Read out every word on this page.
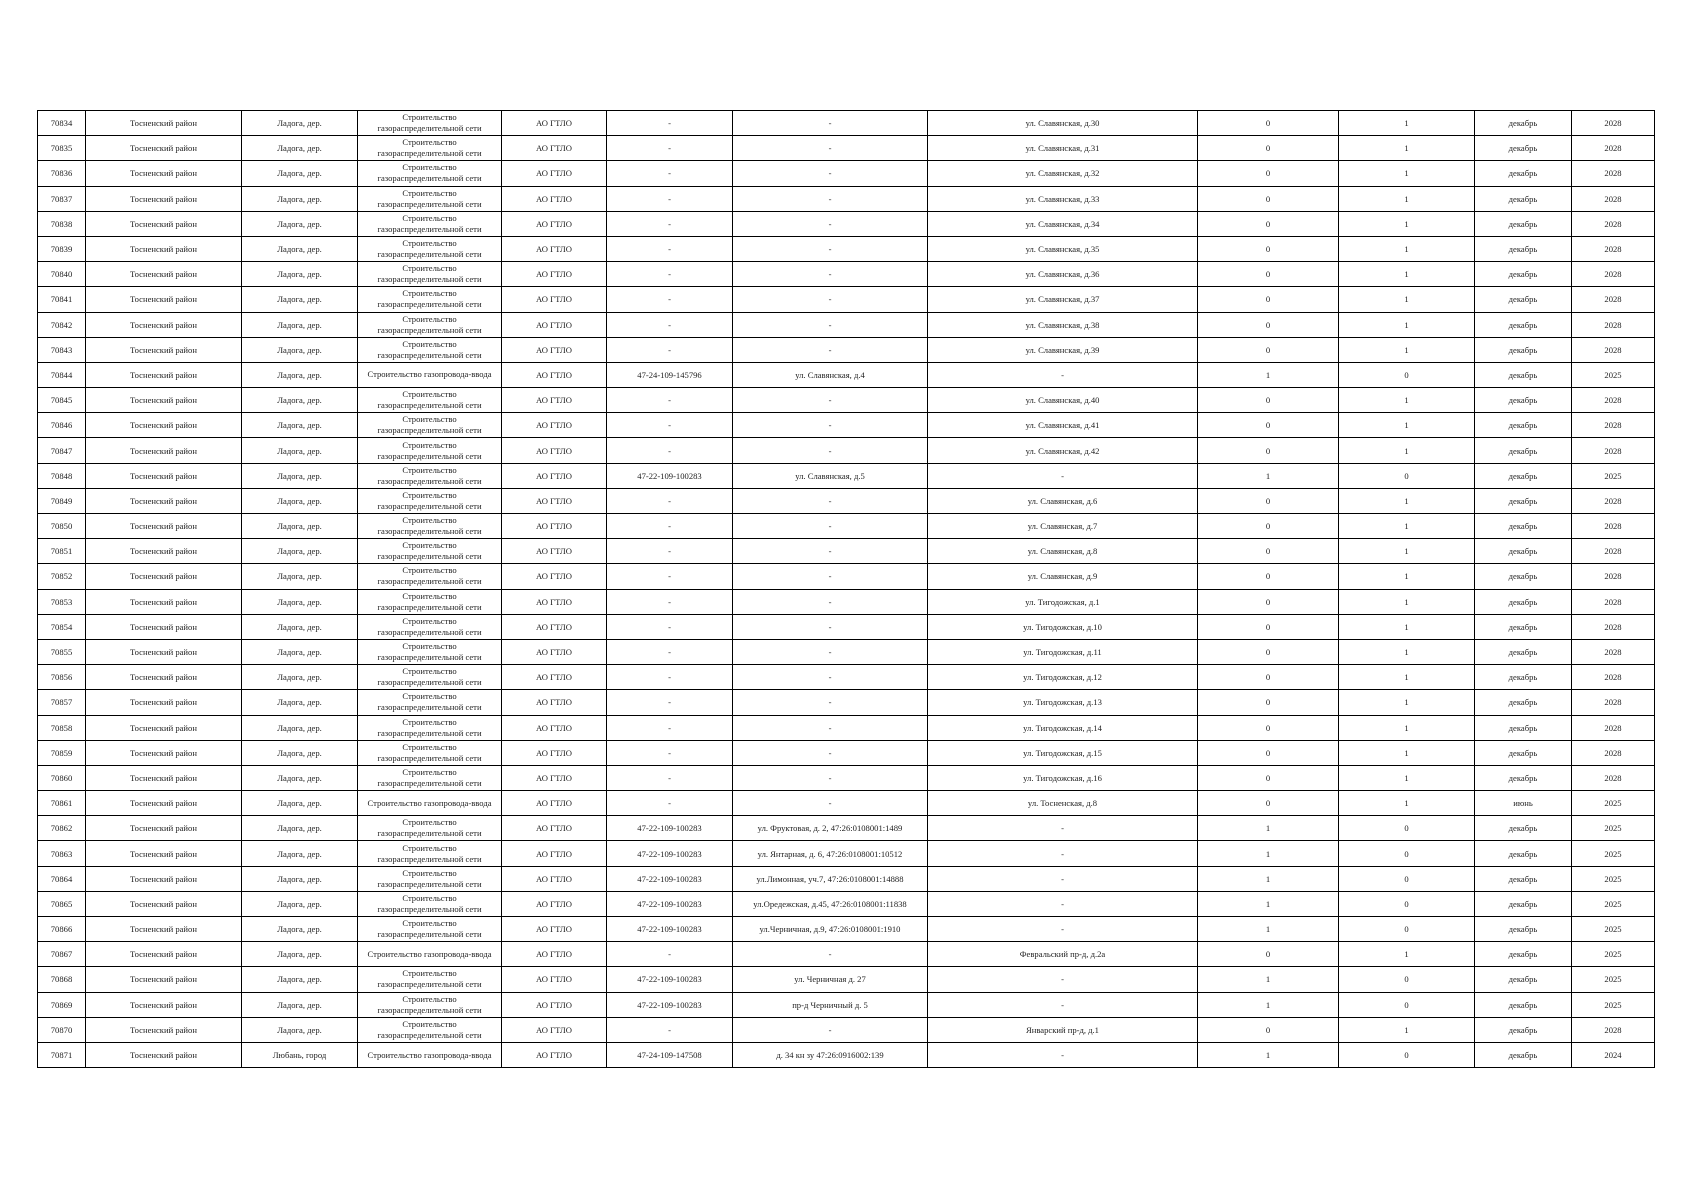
70834	Тосненский район	Ладога, дер.	Строительство газораспределительной сети	АО ГТЛО	-	-	ул. Славянская, д.30	0	1	декабрь	2028
70835	Тосненский район	Ладога, дер.	Строительство газораспределительной сети	АО ГТЛО	-	-	ул. Славянская, д.31	0	1	декабрь	2028
70836	Тосненский район	Ладога, дер.	Строительство газораспределительной сети	АО ГТЛО	-	-	ул. Славянская, д.32	0	1	декабрь	2028
70837	Тосненский район	Ладога, дер.	Строительство газораспределительной сети	АО ГТЛО	-	-	ул. Славянская, д.33	0	1	декабрь	2028
70838	Тосненский район	Ладога, дер.	Строительство газораспределительной сети	АО ГТЛО	-	-	ул. Славянская, д.34	0	1	декабрь	2028
70839	Тосненский район	Ладога, дер.	Строительство газораспределительной сети	АО ГТЛО	-	-	ул. Славянская, д.35	0	1	декабрь	2028
70840	Тосненский район	Ладога, дер.	Строительство газораспределительной сети	АО ГТЛО	-	-	ул. Славянская, д.36	0	1	декабрь	2028
70841	Тосненский район	Ладога, дер.	Строительство газораспределительной сети	АО ГТЛО	-	-	ул. Славянская, д.37	0	1	декабрь	2028
70842	Тосненский район	Ладога, дер.	Строительство газораспределительной сети	АО ГТЛО	-	-	ул. Славянская, д.38	0	1	декабрь	2028
70843	Тосненский район	Ладога, дер.	Строительство газораспределительной сети	АО ГТЛО	-	-	ул. Славянская, д.39	0	1	декабрь	2028
70844	Тосненский район	Ладога, дер.	Строительство газопровода-ввода	АО ГТЛО	47-24-109-145796	ул. Славянская, д.4	-	1	0	декабрь	2025
70845	Тосненский район	Ладога, дер.	Строительство газораспределительной сети	АО ГТЛО	-	-	ул. Славянская, д.40	0	1	декабрь	2028
70846	Тосненский район	Ладога, дер.	Строительство газораспределительной сети	АО ГТЛО	-	-	ул. Славянская, д.41	0	1	декабрь	2028
70847	Тосненский район	Ладога, дер.	Строительство газораспределительной сети	АО ГТЛО	-	-	ул. Славянская, д.42	0	1	декабрь	2028
70848	Тосненский район	Ладога, дер.	Строительство газораспределительной сети	АО ГТЛО	47-22-109-100283	ул. Славянская, д.5	-	1	0	декабрь	2025
70849	Тосненский район	Ладога, дер.	Строительство газораспределительной сети	АО ГТЛО	-	-	ул. Славянская, д.6	0	1	декабрь	2028
70850	Тосненский район	Ладога, дер.	Строительство газораспределительной сети	АО ГТЛО	-	-	ул. Славянская, д.7	0	1	декабрь	2028
70851	Тосненский район	Ладога, дер.	Строительство газораспределительной сети	АО ГТЛО	-	-	ул. Славянская, д.8	0	1	декабрь	2028
70852	Тосненский район	Ладога, дер.	Строительство газораспределительной сети	АО ГТЛО	-	-	ул. Славянская, д.9	0	1	декабрь	2028
70853	Тосненский район	Ладога, дер.	Строительство газораспределительной сети	АО ГТЛО	-	-	ул. Тигодожская, д.1	0	1	декабрь	2028
70854	Тосненский район	Ладога, дер.	Строительство газораспределительной сети	АО ГТЛО	-	-	ул. Тигодожская, д.10	0	1	декабрь	2028
70855	Тосненский район	Ладога, дер.	Строительство газораспределительной сети	АО ГТЛО	-	-	ул. Тигодожская, д.11	0	1	декабрь	2028
70856	Тосненский район	Ладога, дер.	Строительство газораспределительной сети	АО ГТЛО	-	-	ул. Тигодожская, д.12	0	1	декабрь	2028
70857	Тосненский район	Ладога, дер.	Строительство газораспределительной сети	АО ГТЛО	-	-	ул. Тигодожская, д.13	0	1	декабрь	2028
70858	Тосненский район	Ладога, дер.	Строительство газораспределительной сети	АО ГТЛО	-	-	ул. Тигодожская, д.14	0	1	декабрь	2028
70859	Тосненский район	Ладога, дер.	Строительство газораспределительной сети	АО ГТЛО	-	-	ул. Тигодожская, д.15	0	1	декабрь	2028
70860	Тосненский район	Ладога, дер.	Строительство газораспределительной сети	АО ГТЛО	-	-	ул. Тигодожская, д.16	0	1	декабрь	2028
70861	Тосненский район	Ладога, дер.	Строительство газопровода-ввода	АО ГТЛО	-	-	ул. Тосненская, д.8	0	1	июнь	2025
70862	Тосненский район	Ладога, дер.	Строительство газораспределительной сети	АО ГТЛО	47-22-109-100283	ул. Фруктовая, д. 2, 47:26:0108001:1489	-	1	0	декабрь	2025
70863	Тосненский район	Ладога, дер.	Строительство газораспределительной сети	АО ГТЛО	47-22-109-100283	ул. Янтарная, д. 6, 47:26:0108001:10512	-	1	0	декабрь	2025
70864	Тосненский район	Ладога, дер.	Строительство газораспределительной сети	АО ГТЛО	47-22-109-100283	ул.Лимонная, уч.7, 47:26:0108001:14888	-	1	0	декабрь	2025
70865	Тосненский район	Ладога, дер.	Строительство газораспределительной сети	АО ГТЛО	47-22-109-100283	ул.Оредежская, д.45, 47:26:0108001:11838	-	1	0	декабрь	2025
70866	Тосненский район	Ладога, дер.	Строительство газораспределительной сети	АО ГТЛО	47-22-109-100283	ул.Черничная, д.9, 47:26:0108001:1910	-	1	0	декабрь	2025
70867	Тосненский район	Ладога, дер.	Строительство газопровода-ввода	АО ГТЛО	-	-	Февральский пр-д, д.2а	0	1	декабрь	2025
70868	Тосненский район	Ладога, дер.	Строительство газораспределительной сети	АО ГТЛО	47-22-109-100283	ул. Черничная д. 27	-	1	0	декабрь	2025
70869	Тосненский район	Ладога, дер.	Строительство газораспределительной сети	АО ГТЛО	47-22-109-100283	пр-д Черничный д. 5	-	1	0	декабрь	2025
70870	Тосненский район	Ладога, дер.	Строительство газораспределительной сети	АО ГТЛО	-	-	Январский пр-д, д.1	0	1	декабрь	2028
70871	Тосненский район	Любань, город	Строительство газопровода-ввода	АО ГТЛО	47-24-109-147508	д. 34 кн зу 47:26:0916002:139	-	1	0	декабрь	2024
